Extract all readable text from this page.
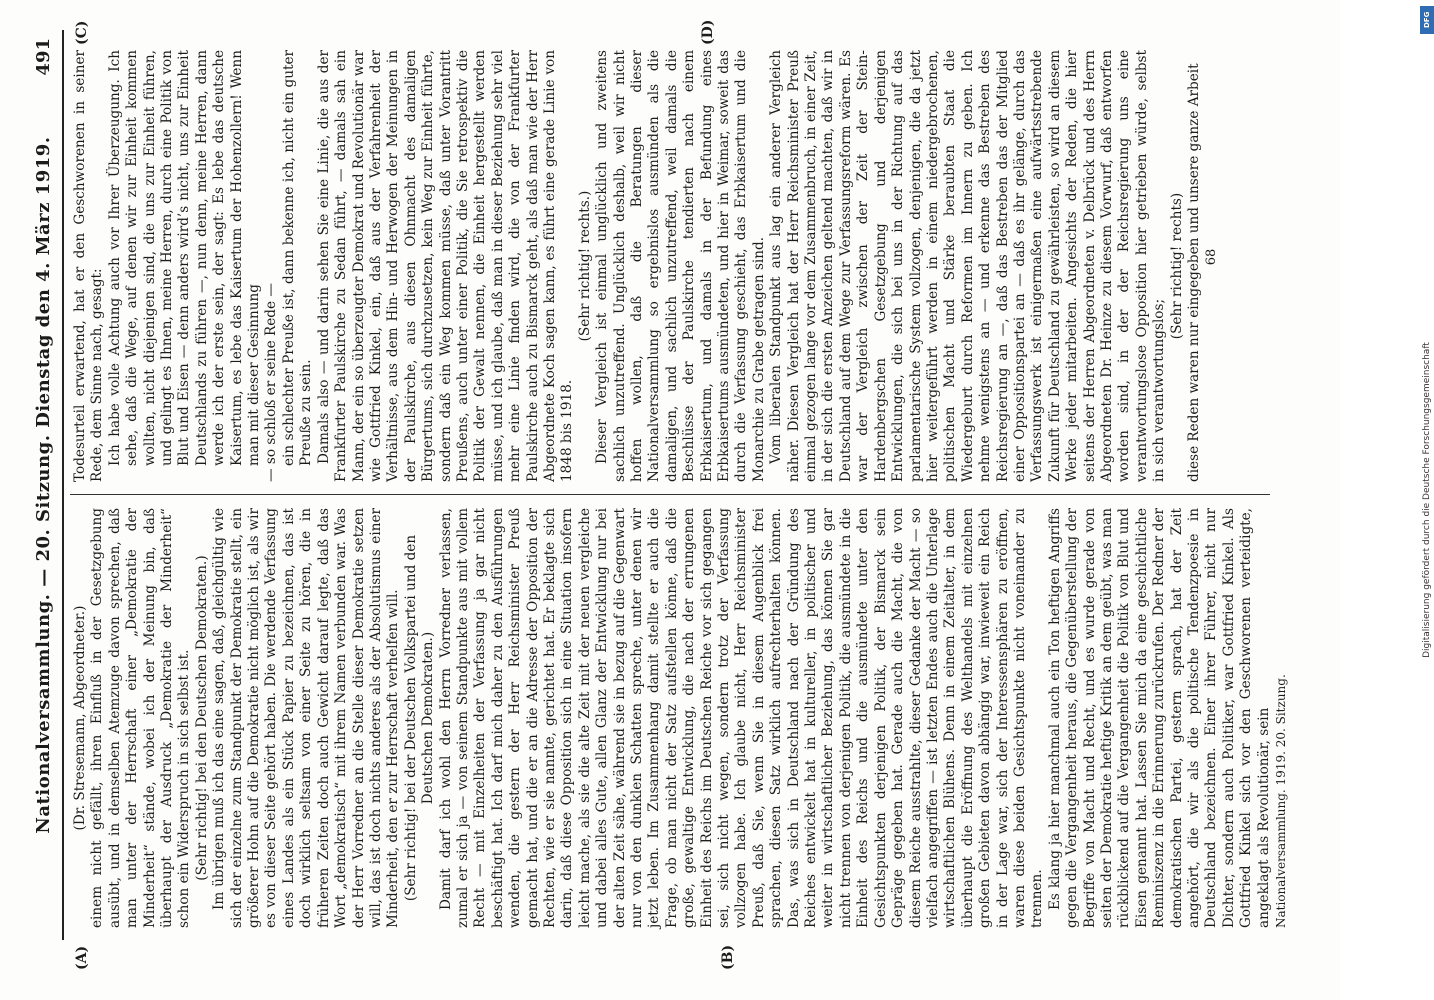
Nationalversammlung. — 20. Sitzung. Dienstag den 4. März 1919.
491
(A)	(B)
(C)	(D)

(Dr. Stresemann, Abgeordneter.) einem nicht gefällt, ihren Einfluß in der Gesetzgebung ausübt, und in demselben Atemzuge davon sprechen, daß man unter der Herrschaft einer „Demokratie der Minderheit“ stände, wobei ich der Meinung bin, daß überhaupt der Ausdruck „Demokratie der Minderheit“ schon ein Widerspruch in sich selbst ist. (Sehr richtig! bei den Deutschen Demokraten.) Im übrigen muß ich das eine sagen, daß, gleichgültig wie sich der einzelne zum Standpunkt der Demokratie stellt, ein größerer Hohn auf die Demokratie nicht möglich ist, als wir es von dieser Seite gehört haben. Die werdende Verfassung eines Landes als ein Stück Papier zu bezeichnen, das ist doch wirklich seltsam von einer Seite zu hören, die in früheren Zeiten doch auch Gewicht darauf legte, daß das Wort „demokratisch“ mit ihrem Namen verbunden war. Was der Herr Vorredner an die Stelle dieser Demokratie setzen will, das ist doch nichts anderes als der Absolutismus einer Minderheit, den er zur Herrschaft verhelfen will. (Sehr richtig! bei der Deutschen Volkspartei und den Deutschen Demokraten.) Damit darf ich wohl den Herrn Vorredner verlassen, zumal er sich ja — von seinem Standpunkte aus mit vollem Recht — mit Einzelheiten der Verfassung ja gar nicht beschäftigt hat. Ich darf mich daher zu den Ausführungen wenden, die gestern der Herr Reichsminister Preuß gemacht hat, und die er an die Adresse der Opposition der Rechten, wie er sie nannte, gerichtet hat. Er beklagte sich darin, daß diese Opposition sich in eine Situation insofern leicht mache, als sie die alte Zeit mit der neuen vergleiche und dabei alles Gute, allen Glanz der Entwicklung nur bei der alten Zeit sähe, während sie in bezug auf die Gegenwart nur von den dunklen Schatten spreche, unter denen wir jetzt leben. Im Zusammenhang damit stellte er auch die Frage, ob man nicht der Satz aufstellen könne, daß die große, gewaltige Entwicklung, die nach der errungenen Einheit des Reichs im Deutschen Reiche vor sich gegangen sei, sich nicht wegen, sondern trotz der Verfassung vollzogen habe. Ich glaube nicht, Herr Reichsminister Preuß, daß Sie, wenn Sie in diesem Augenblick frei sprachen, diesen Satz wirklich aufrechterhalten können. Das, was sich in Deutschland nach der Gründung des Reiches entwickelt hat in kultureller, in politischer und weiter in wirtschaftlicher Beziehung, das können Sie gar nicht trennen von derjenigen Politik, die ausmündete in die Einheit des Reichs und die ausmündete unter den Gesichtspunkten derjenigen Politik, der Bismarck sein Gepräge gegeben hat. Gerade auch die Macht, die von diesem Reiche ausstrahlte, dieser Gedanke der Macht — so vielfach angegriffen — ist letzten Endes auch die Unterlage wirtschaftlichen Blühens. Denn in einem Zeitalter, in dem überhaupt die Eröffnung des Welthandels mit einzelnen großen Gebieten davon abhängig war, inwieweit ein Reich in der Lage war, sich der Interessensphären zu eröffnen, waren diese beiden Gesichtspunkte nicht voneinander zu trennen. Es klang ja hier manchmal auch ein Ton heftigen Angriffs gegen die Vergangenheit heraus, die Gegenüberstellung der Begriffe von Macht und Recht, und es wurde gerade von seiten der Demokratie heftige Kritik an dem geübt, was man rückblickend auf die Vergangenheit die Politik von Blut und Eisen genannt hat. Lassen Sie mich da eine geschichtliche Reminiszenz in die Erinnerung zurückrufen. Der Redner der demokratischen Partei, gestern sprach, hat der Zeit angehört, die wir als die politische Tendenzpoesie in Deutschland bezeichnen. Einer ihrer Führer, nicht nur Dichter, sondern auch Politiker, war Gottfried Kinkel. Als Gottfried Kinkel sich vor den Geschworenen verteidigte, angeklagt als Revolutionär, sein Nationalversammlung. 1919. 20. Sitzung.

Todesurteil erwartend, hat er den Geschworenen in seiner Rede, dem Sinne nach, gesagt: Ich habe volle Achtung auch vor Ihrer Überzeugung. Ich sehe, daß die Wege, auf denen wir zur Einheit kommen wollten, nicht diejenigen sind, die uns zur Einheit führen, und gelingt es Ihnen, meine Herren, durch eine Politik von Blut und Eisen — denn anders wird’s nicht, uns zur Einheit Deutschlands zu führen —, nun denn, meine Herren, dann werde ich der erste sein, der sagt: Es lebe das deutsche Kaisertum, es lebe das Kaisertum der Hohenzollern! Wenn man mit dieser Gesinnung — so schloß er seine Rede — ein schlechter Preuße ist, dann bekenne ich, nicht ein guter Preuße zu sein. Damals also — und darin sehen Sie eine Linie, die aus der Frankfurter Paulskirche zu Sedan führt, — damals sah ein Mann, der ein so überzeugter Demokrat und Revolutionär war wie Gottfried Kinkel, ein, daß aus der Verfahrenheit der Verhältnisse, aus dem Hin- und Herwogen der Meinungen in der Paulskirche, aus diesen Ohnmacht des damaligen Bürgertums, sich durchzusetzen, kein Weg zur Einheit führte, sondern daß ein Weg kommen müsse, daß unter Vorantritt Preußens, auch unter einer Politik, die Sie retrospektiv die Politik der Gewalt nennen, die Einheit hergestellt werden müsse, und ich glaube, daß man in dieser Beziehung sehr viel mehr eine Linie finden wird, die von der Frankfurter Paulskirche auch zu Bismarck geht, als daß man wie der Herr Abgeordnete Koch sagen kann, es führt eine gerade Linie von 1848 bis 1918.

(Sehr richtig! rechts.) Dieser Vergleich ist einmal unglücklich und zweitens sachlich unzutreffend. Unglücklich deshalb, weil wir nicht hoffen wollen, daß die Beratungen dieser Nationalversammlung so ergebnislos ausmünden als die damaligen, und sachlich unzutreffend, weil damals die Beschlüsse der Paulskirche tendierten nach einem Erbkaisertum, und damals in der Befundung eines Erbkaisertums ausmündeten, und hier in Weimar, soweit das durch die Verfassung geschieht, das Erbkaisertum und die Monarchie zu Grabe getragen sind. Vom liberalen Standpunkt aus lag ein anderer Vergleich näher. Diesen Vergleich hat der Herr Reichsminister Preuß einmal gezogen lange vor dem Zusammenbruch, in einer Zeit, in der sich die ersten Anzeichen geltend machten, daß wir in Deutschland auf dem Wege zur Verfassungsreform wären. Es war der Vergleich zwischen der Zeit der Stein-Hardenbergschen Gesetzgebung und derjenigen Entwicklungen, die sich bei uns in der Richtung auf das parlamentarische System vollzogen, denjenigen, die da jetzt hier weitergeführt werden in einem niedergebrochenen, politischen Macht und Stärke beraubten Staat die Wiedergeburt durch Reformen im Innern zu geben. Ich nehme wenigstens an — und erkenne das Bestreben des Reichsregierung an —, daß das Bestreben das der Mitglied einer Oppositionspartei an — daß es ihr gelänge, durch das Verfassungswerk ist einigermaßen eine aufwärtsstrebende Zukunft für Deutschland zu gewährleisten, so wird an diesem Werke jeder mitarbeiten. Angesichts der Reden, die hier seitens der Herren Abgeordneten v. Delbrück und des Herrn Abgeordneten Dr. Heinze zu diesem Vorwurf, daß entworfen worden sind, in der der Reichsregierung uns eine verantwortungslose Opposition hier getrieben würde, selbst in sich verantwortungslos;

(Sehr richtig! rechts) diese Reden waren nur eingegeben und unsere ganze Arbeit 68

Digitalisierung gefördert durch die Deutsche Forschungsgemeinschaft
DFG
